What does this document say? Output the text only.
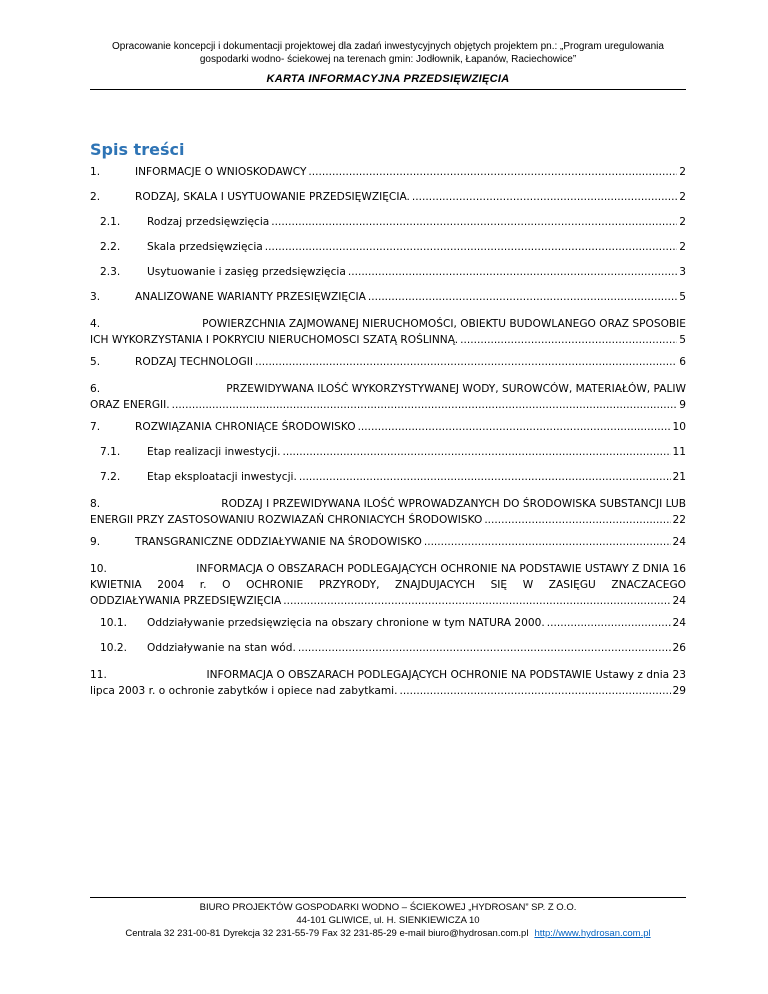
Opracowanie koncepcji i dokumentacji projektowej dla zadań inwestycyjnych objętych projektem pn.: „Program uregulowania
gospodarki wodno- ściekowej na terenach gmin: Jodłownik, Łapanów, Raciechowice”
KARTA INFORMACYJNA PRZEDSIĘWZIĘCIA
Spis treści
1.	INFORMACJE O WNIOSKODAWCY .....	2
2.	RODZAJ, SKALA I USYTUOWANIE PRZEDSIĘWZIĘCIA. .....	2
2.1.	Rodzaj przedsięwzięcia .....	2
2.2.	Skala przedsięwzięcia .....	2
2.3.	Usytuowanie i zasięg przedsięwzięcia .....	3
3.	ANALIZOWANE WARIANTY PRZESIĘWZIĘCIA .....	5
4.	POWIERZCHNIA ZAJMOWANEJ NIERUCHOMOŚCI, OBIEKTU BUDOWLANEGO ORAZ SPOSOBIE
ICH WYKORZYSTANIA I POKRYCIU NIERUCHOMOSCI SZATĄ ROŚLINNĄ. .....	5
5.	RODZAJ TECHNOLOGII .....	6
6.	PRZEWIDYWANA ILOŚĆ WYKORZYSTYWANEJ WODY, SUROWCÓW, MATERIAŁÓW, PALIW
ORAZ ENERGII. .....	9
7.	ROZWIĄZANIA CHRONIĄCE ŚRODOWISKO .....	10
7.1.	Etap realizacji inwestycji. .....	11
7.2.	Etap eksploatacji inwestycji. .....	21
8.	RODZAJ I PRZEWIDYWANA ILOŚĆ WPROWADZANYCH DO ŚRODOWISKA SUBSTANCJI LUB
ENERGII PRZY ZASTOSOWANIU ROZWIAZAŃ CHRONIACYCH ŚRODOWISKO .....	22
9.	TRANSGRANICZNE ODDZIAŁYWANIE NA ŚRODOWISKO .....	24
10.	INFORMACJA O OBSZARACH PODLEGAJĄCYCH OCHRONIE NA PODSTAWIE USTAWY Z DNIA 16
KWIETNIA 2004 r. O OCHRONIE PRZYRODY, ZNAJDUJACYCH SIĘ W ZASIĘGU ZNACZACEGO
ODDZIAŁYWANIA PRZEDSIĘWZIĘCIA .....	24
10.1.	Oddziaływanie przedsięwzięcia na obszary chronione w tym NATURA 2000. .....	24
10.2.	Oddziaływanie na stan wód. .....	26
11.	INFORMACJA O OBSZARACH PODLEGAJĄCYCH OCHRONIE NA PODSTAWIE Ustawy z dnia 23
lipca 2003 r. o ochronie zabytków i opiece nad zabytkami. .....	29
BIURO PROJEKTÓW GOSPODARKI WODNO – ŚCIEKOWEJ „HYDROSAN” SP. Z O.O.
44-101 GLIWICE, ul. H. SIENKIEWICZA 10
Centrala 32 231-00-81 Dyrekcja 32 231-55-79 Fax 32 231-85-29 e-mail biuro@hydrosan.com.pl http://www.hydrosan.com.pl
